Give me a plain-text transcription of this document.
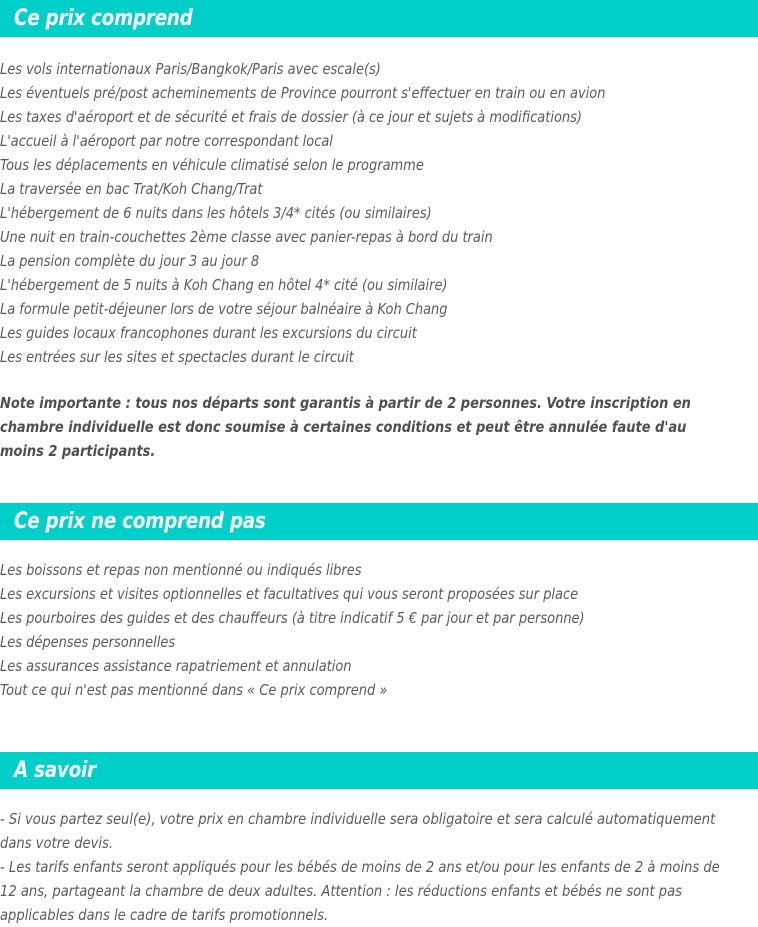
Ce prix comprend
Les vols internationaux Paris/Bangkok/Paris avec escale(s)
Les éventuels pré/post acheminements de Province pourront s'effectuer en train ou en avion
Les taxes d'aéroport et de sécurité et frais de dossier (à ce jour et sujets à modifications)
L'accueil à l'aéroport par notre correspondant local
Tous les déplacements en véhicule climatisé selon le programme
La traversée en bac Trat/Koh Chang/Trat
L'hébergement de 6 nuits dans les hôtels 3/4* cités (ou similaires)
Une nuit en train-couchettes 2ème classe avec panier-repas à bord du train
La pension complète du jour 3 au jour 8
L'hébergement de 5 nuits à Koh Chang en hôtel 4* cité (ou similaire)
La formule petit-déjeuner lors de votre séjour balnéaire à Koh Chang
Les guides locaux francophones durant les excursions du circuit
Les entrées sur les sites et spectacles durant le circuit

Note importante : tous nos départs sont garantis à partir de 2 personnes. Votre inscription en chambre individuelle est donc soumise à certaines conditions et peut être annulée faute d'au moins 2 participants.

Ce prix ne comprend pas
Les boissons et repas non mentionné ou indiqués libres
Les excursions et visites optionnelles et facultatives qui vous seront proposées sur place
Les pourboires des guides et des chauffeurs (à titre indicatif 5 € par jour et par personne)
Les dépenses personnelles
Les assurances assistance rapatriement et annulation
Tout ce qui n'est pas mentionné dans « Ce prix comprend »
A savoir

- Si vous partez seul(e), votre prix en chambre individuelle sera obligatoire et sera calculé automatiquement dans votre devis.

- Les tarifs enfants seront appliqués pour les bébés de moins de 2 ans et/ou pour les enfants de 2 à moins de 12 ans, partageant la chambre de deux adultes. Attention : les réductions enfants et bébés ne sont pas applicables dans le cadre de tarifs promotionnels.
